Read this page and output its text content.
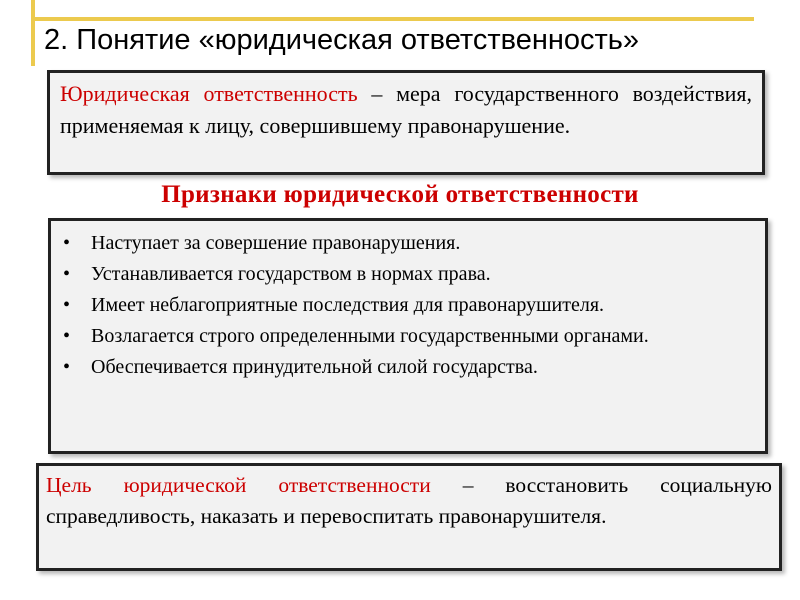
2. Понятие «юридическая ответственность»

Юридическая ответственность – мера государственного воздействия, применяемая к лицу, совершившему правонарушение.

Признаки юридической ответственности
• Наступает за совершение правонарушения.
• Устанавливается государством в нормах права.
• Имеет неблагоприятные последствия для правонарушителя.
• Возлагается строго определенными государственными органами.
• Обеспечивается принудительной силой государства.

Цель юридической ответственности – восстановить социальную справедливость, наказать и перевоспитать правонарушителя.
